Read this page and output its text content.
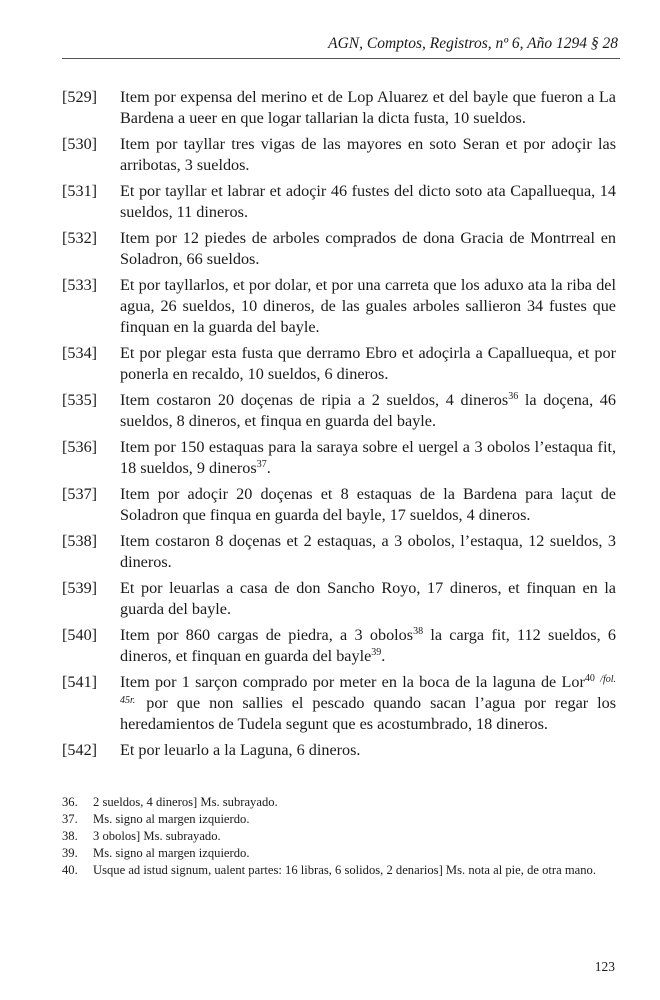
AGN, Comptos, Registros, nº 6, Año 1294 § 28
[529]	Item por expensa del merino et de Lop Aluarez et del bayle que fueron a La Bardena a ueer en que logar tallarian la dicta fusta, 10 sueldos.
[530]	Item por tayllar tres vigas de las mayores en soto Seran et por adoçir las arribotas, 3 sueldos.
[531]	Et por tayllar et labrar et adoçir 46 fustes del dicto soto ata Capalluequa, 14 sueldos, 11 dineros.
[532]	Item por 12 piedes de arboles comprados de dona Gracia de Montrreal en Soladron, 66 sueldos.
[533]	Et por tayllarlos, et por dolar, et por una carreta que los aduxo ata la riba del agua, 26 sueldos, 10 dineros, de las guales arboles sallieron 34 fustes que finquan en la guarda del bayle.
[534]	Et por plegar esta fusta que derramo Ebro et adoçirla a Capalluequa, et por ponerla en recaldo, 10 sueldos, 6 dineros.
[535]	Item costaron 20 doçenas de ripia a 2 sueldos, 4 dineros$^{36}$ la doçena, 46 sueldos, 8 dineros, et finqua en guarda del bayle.
[536]	Item por 150 estaquas para la saraya sobre el uergel a 3 obolos l’estaqua fit, 18 sueldos, 9 dineros$^{37}$.
[537]	Item por adoçir 20 doçenas et 8 estaquas de la Bardena para laçut de Soladron que finqua en guarda del bayle, 17 sueldos, 4 dineros.
[538]	Item costaron 8 doçenas et 2 estaquas, a 3 obolos, l’estaqua, 12 sueldos, 3 dineros.
[539]	Et por leuarlas a casa de don Sancho Royo, 17 dineros, et finquan en la guarda del bayle.
[540]	Item por 860 cargas de piedra, a 3 obolos$^{38}$ la carga fit, 112 sueldos, 6 dineros, et finquan en guarda del bayle$^{39}$.
[541]	Item por 1 sarçon comprado por meter en la boca de la laguna de Lor$^{40}$ $^{/fol. 45r.}$ por que non sallies el pescado quando sacan l’agua por regar los heredamientos de Tudela segunt que es acostumbrado, 18 dineros.
[542]	Et por leuarlo a la Laguna, 6 dineros.
36.	2 sueldos, 4 dineros] Ms. subrayado.
37.	Ms. signo al margen izquierdo.
38.	3 obolos] Ms. subrayado.
39.	Ms. signo al margen izquierdo.
40.	Usque ad istud signum, ualent partes: 16 libras, 6 solidos, 2 denarios] Ms. nota al pie, de otra mano.
123
